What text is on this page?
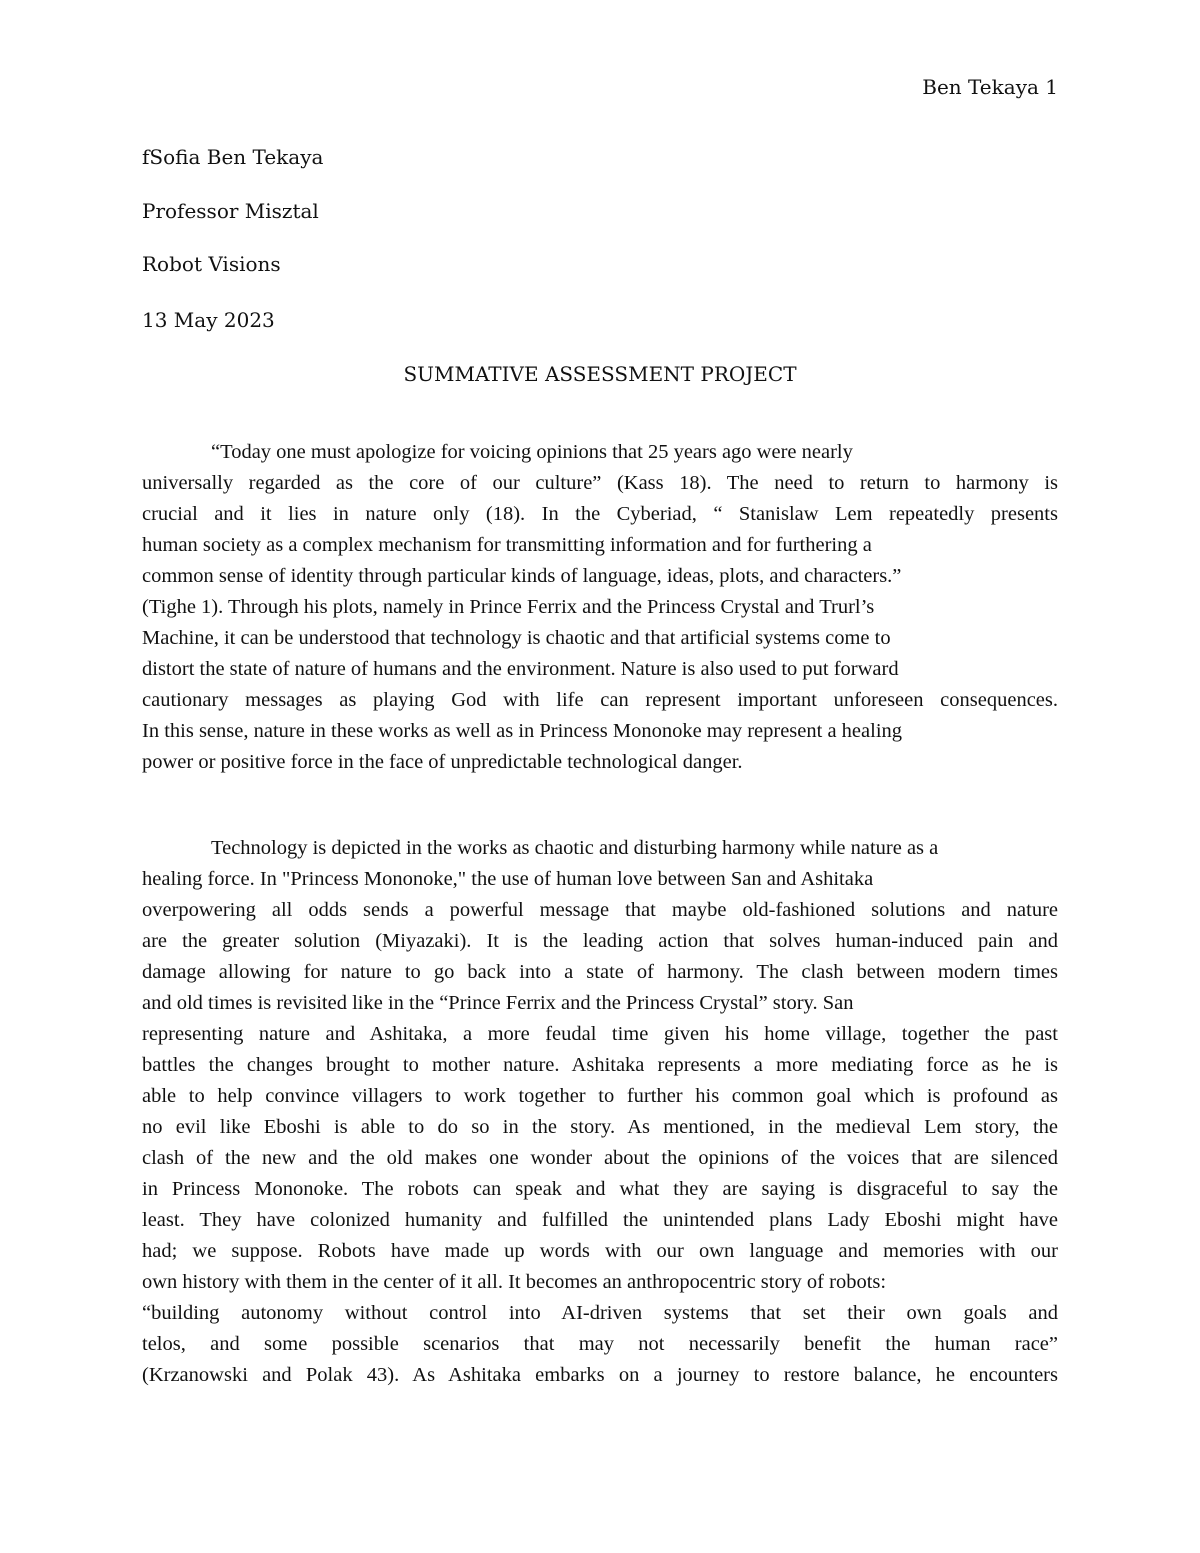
Ben Tekaya 1
fSofia Ben Tekaya
Professor Misztal
Robot Visions
13 May 2023
SUMMATIVE ASSESSMENT PROJECT
“Today one must apologize for voicing opinions that 25 years ago were nearly
universally regarded as the core of our culture” (Kass 18). The need to return to harmony is
crucial and it lies in nature only (18). In the Cyberiad, “ Stanislaw Lem repeatedly presents
human society as a complex mechanism for transmitting information and for furthering a
common sense of identity through particular kinds of language, ideas, plots, and characters.”
(Tighe 1). Through his plots, namely in Prince Ferrix and the Princess Crystal and Trurl’s
Machine, it can be understood that technology is chaotic and that artificial systems come to
distort the state of nature of humans and the environment. Nature is also used to put forward
cautionary messages as playing God with life can represent important unforeseen consequences.
In this sense, nature in these works as well as in Princess Mononoke may represent a healing
power or positive force in the face of unpredictable technological danger.
Technology is depicted in the works as chaotic and disturbing harmony while nature as a
healing force. In "Princess Mononoke," the use of human love between San and Ashitaka
overpowering all odds sends a powerful message that maybe old-fashioned solutions and nature
are the greater solution (Miyazaki). It is the leading action that solves human-induced pain and
damage allowing for nature to go back into a state of harmony. The clash between modern times
and old times is revisited like in the “Prince Ferrix and the Princess Crystal” story. San
representing nature and Ashitaka, a more feudal time given his home village, together the past
battles the changes brought to mother nature. Ashitaka represents a more mediating force as he is
able to help convince villagers to work together to further his common goal which is profound as
no evil like Eboshi is able to do so in the story. As mentioned, in the medieval Lem story, the
clash of the new and the old makes one wonder about the opinions of the voices that are silenced
in Princess Mononoke. The robots can speak and what they are saying is disgraceful to say the
least. They have colonized humanity and fulfilled the unintended plans Lady Eboshi might have
had; we suppose. Robots have made up words with our own language and memories with our
own history with them in the center of it all. It becomes an anthropocentric story of robots:
“building autonomy without control into AI-driven systems that set their own goals and
telos, and some possible scenarios that may not necessarily benefit the human race”
(Krzanowski and Polak 43). As Ashitaka embarks on a journey to restore balance, he encounters
